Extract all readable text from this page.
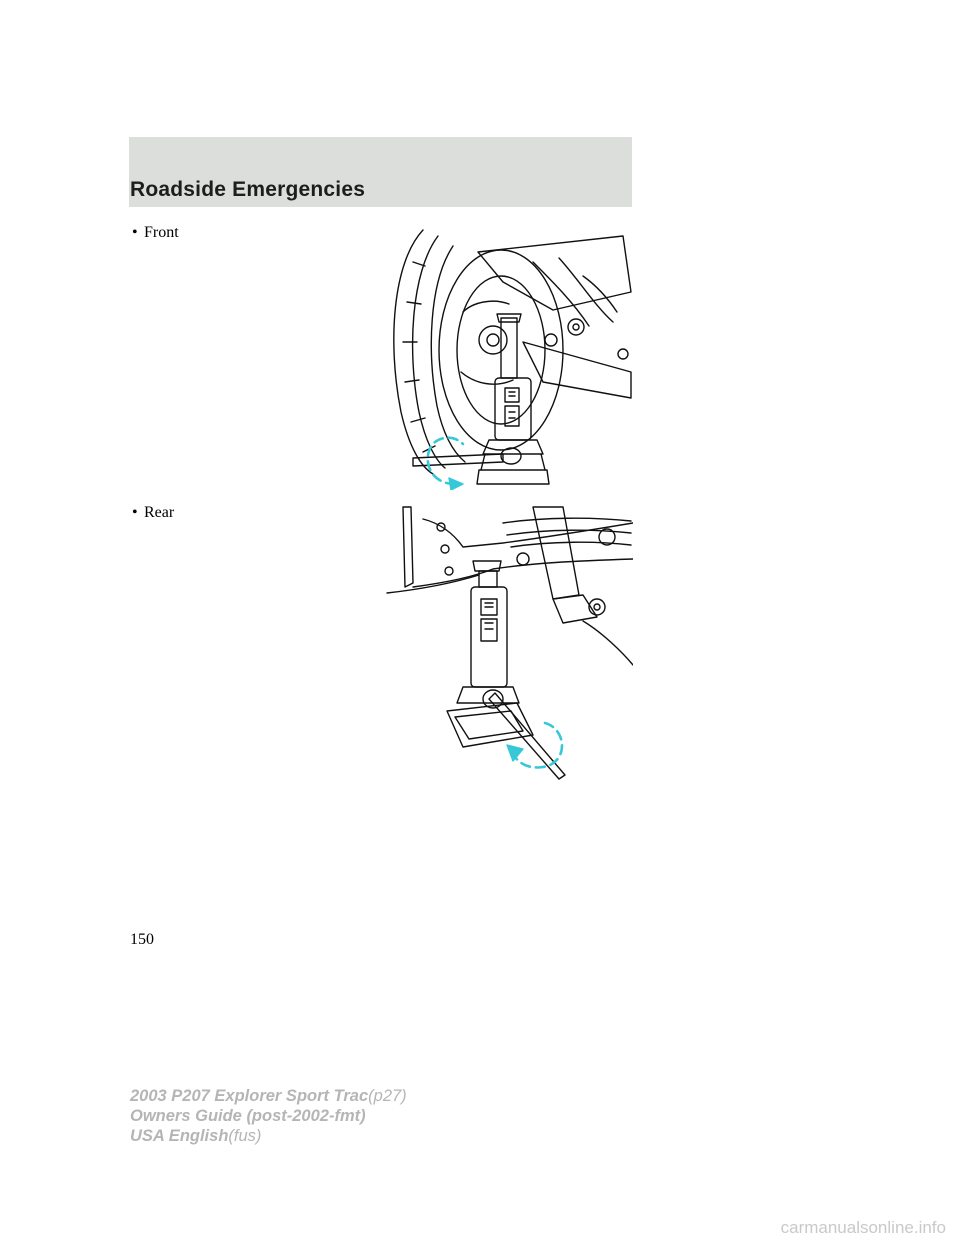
Roadside Emergencies
• Front
• Rear
150
2003 P207 Explorer Sport Trac(p27)
Owners Guide (post-2002-fmt)
USA English(fus)
carmanualsonline.info
